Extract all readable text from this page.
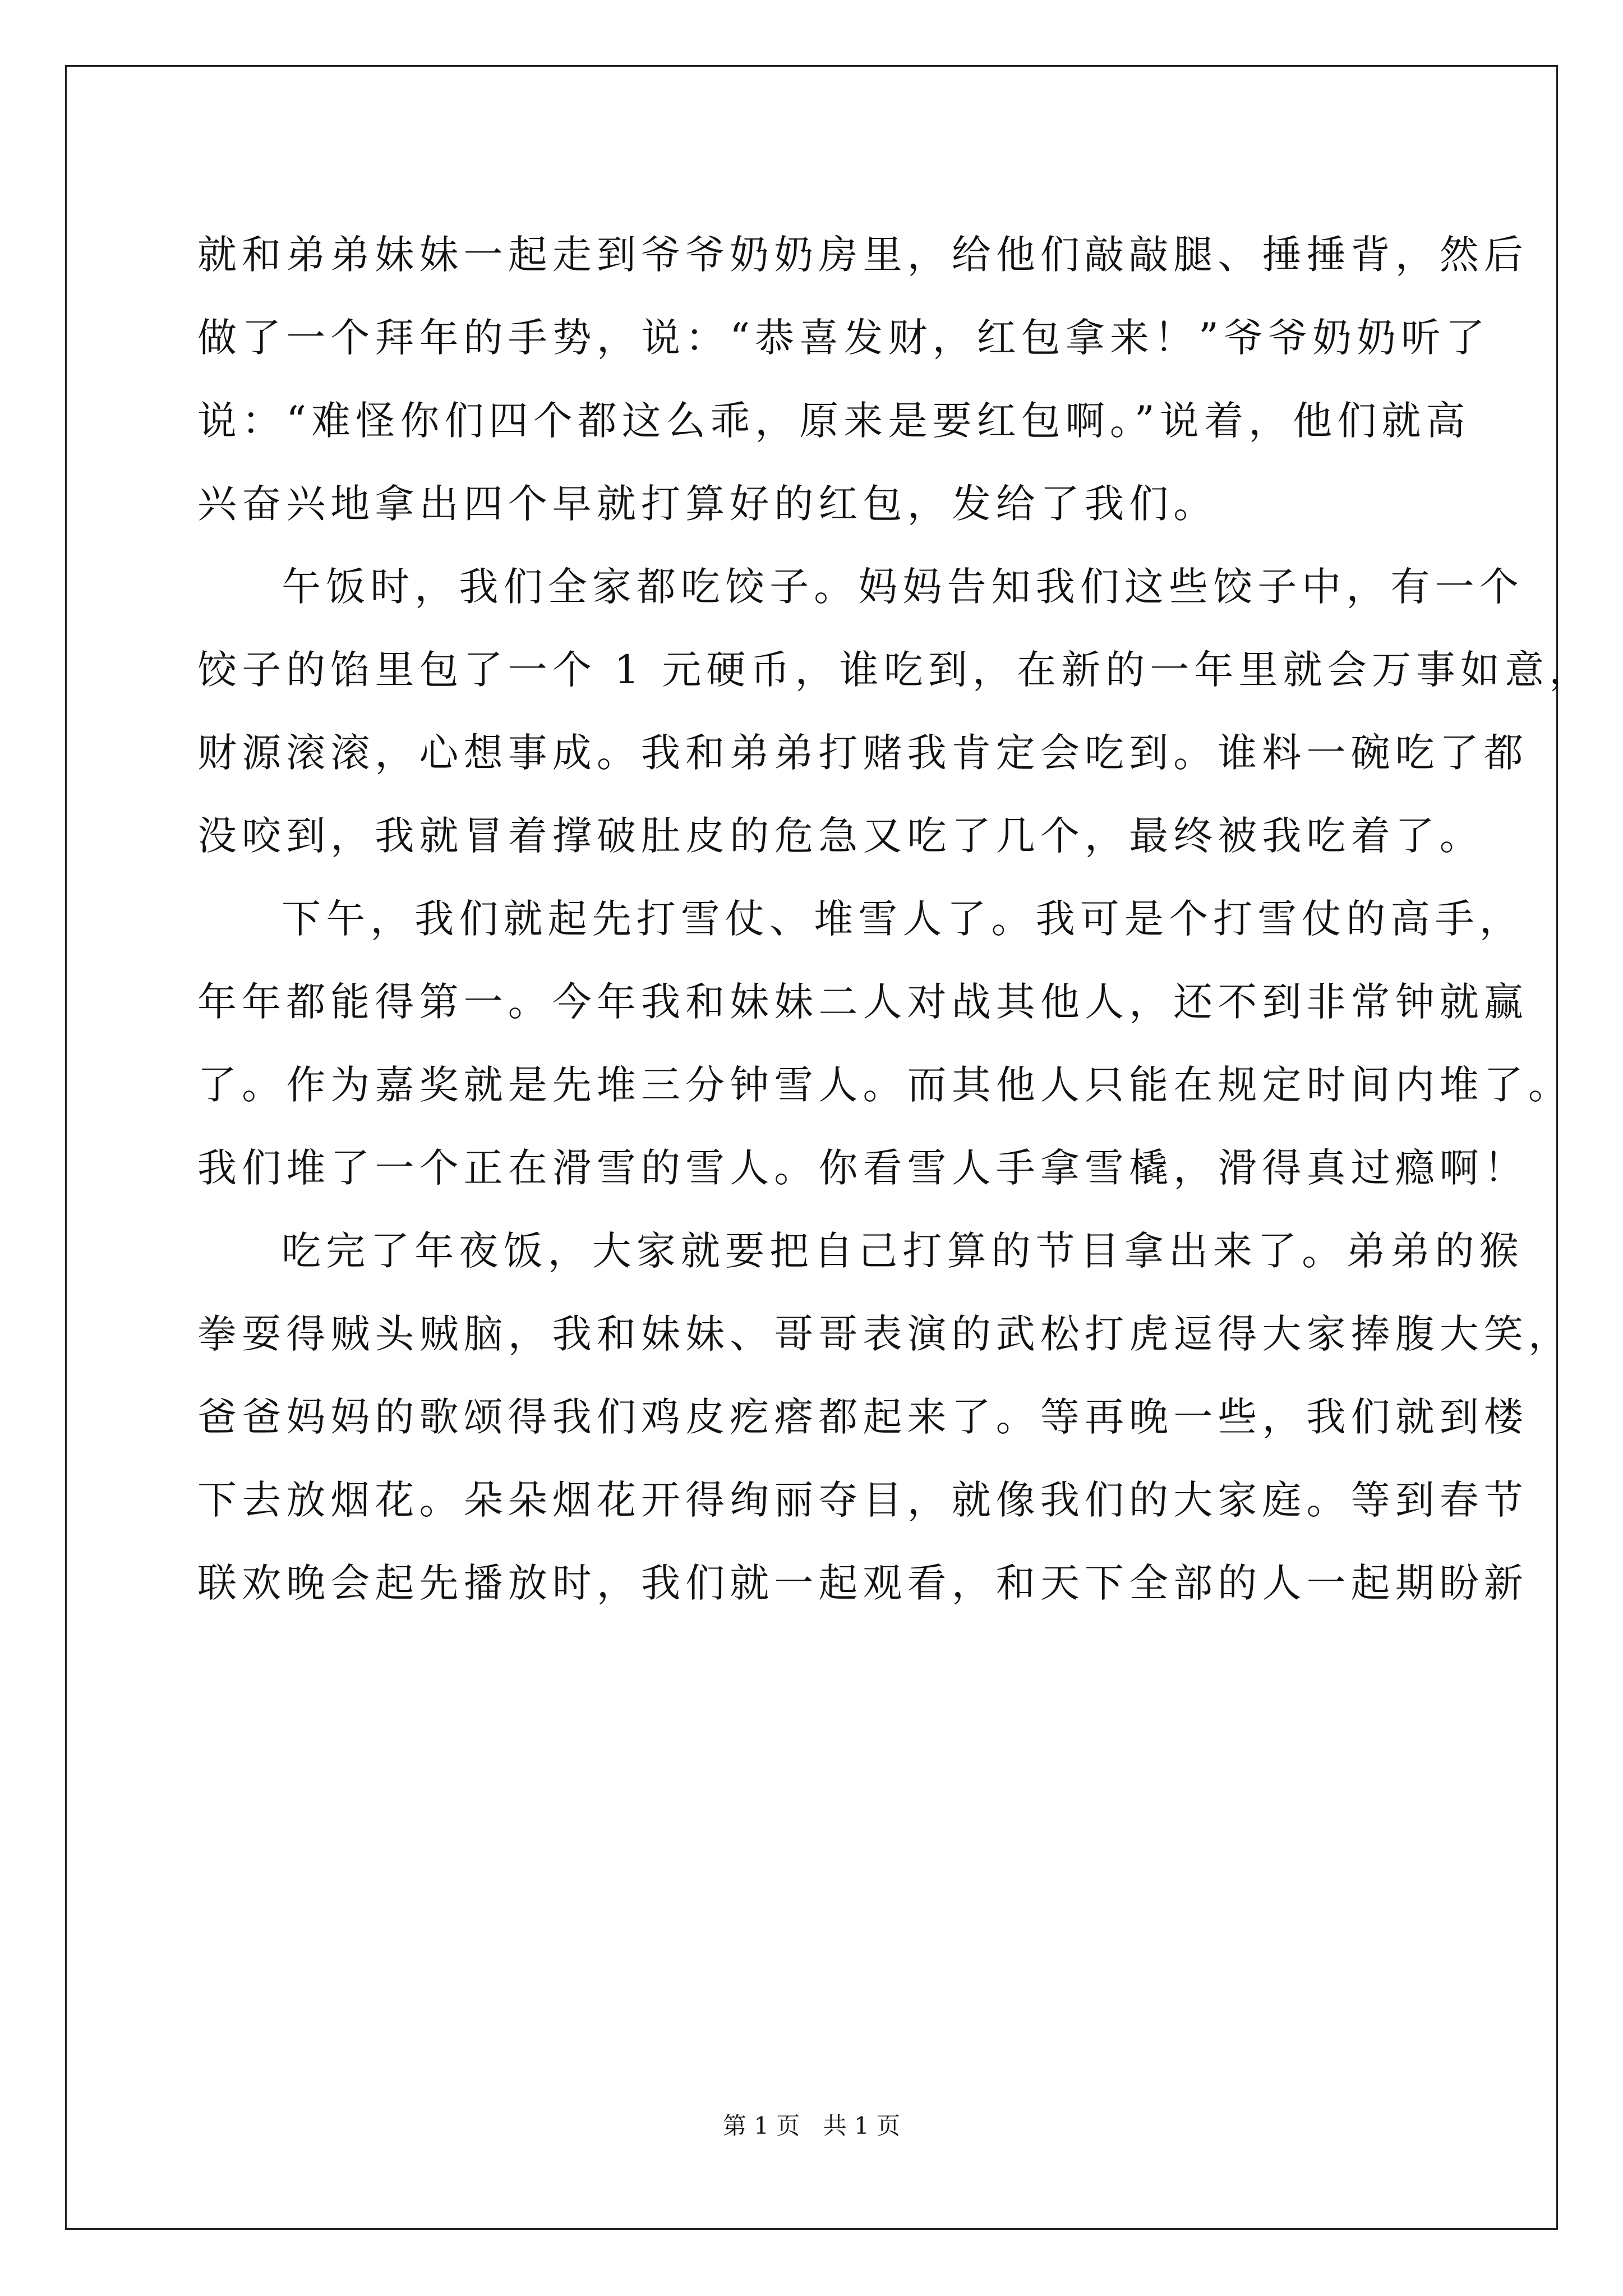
就和弟弟妹妹一起走到爷爷奶奶房里，给他们敲敲腿、捶捶背，然后
做了一个拜年的手势，说：“恭喜发财，红包拿来！”爷爷奶奶听了
说：“难怪你们四个都这么乖，原来是要红包啊。”说着，他们就高
兴奋兴地拿出四个早就打算好的红包，发给了我们。
午饭时，我们全家都吃饺子。妈妈告知我们这些饺子中，有一个
饺子的馅里包了一个 1 元硬币，谁吃到，在新的一年里就会万事如意，
财源滚滚，心想事成。我和弟弟打赌我肯定会吃到。谁料一碗吃了都
没咬到，我就冒着撑破肚皮的危急又吃了几个，最终被我吃着了。
下午，我们就起先打雪仗、堆雪人了。我可是个打雪仗的高手，
年年都能得第一。今年我和妹妹二人对战其他人，还不到非常钟就赢
了。作为嘉奖就是先堆三分钟雪人。而其他人只能在规定时间内堆了。
我们堆了一个正在滑雪的雪人。你看雪人手拿雪橇，滑得真过瘾啊！
吃完了年夜饭，大家就要把自己打算的节目拿出来了。弟弟的猴
拳耍得贼头贼脑，我和妹妹、哥哥表演的武松打虎逗得大家捧腹大笑，
爸爸妈妈的歌颂得我们鸡皮疙瘩都起来了。等再晚一些，我们就到楼
下去放烟花。朵朵烟花开得绚丽夺目，就像我们的大家庭。等到春节
联欢晚会起先播放时，我们就一起观看，和天下全部的人一起期盼新
第 1 页 共 1 页
